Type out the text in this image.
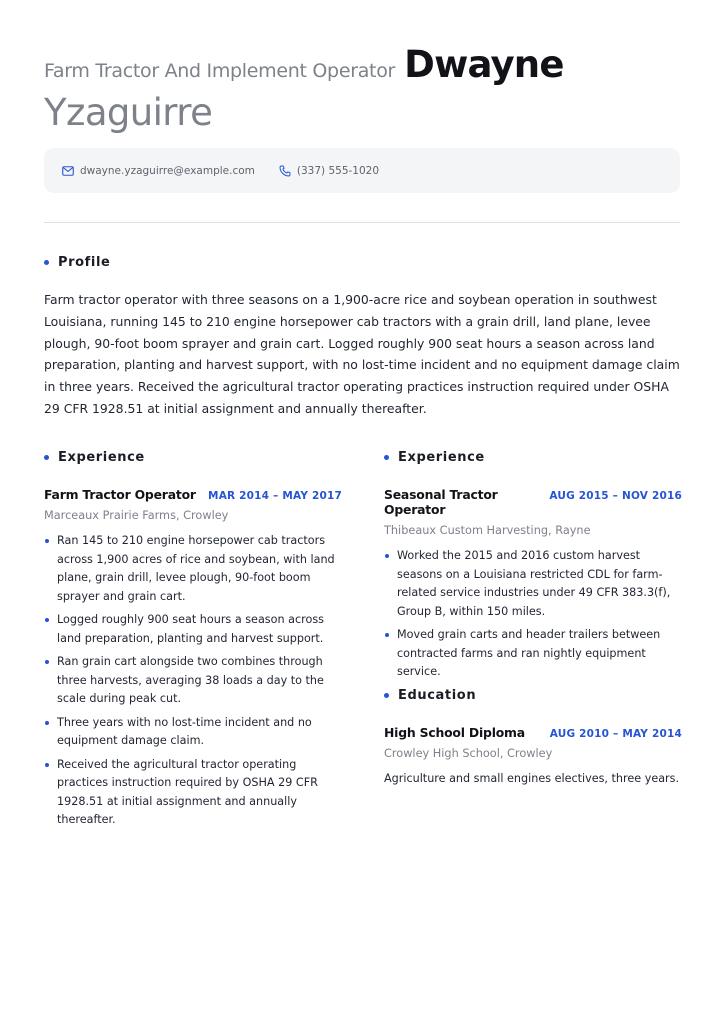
Farm Tractor And Implement Operator Dwayne
Yzaguirre
dwayne.yzaguirre@example.com	(337) 555-1020
Profile

Farm tractor operator with three seasons on a 1,900-acre rice and soybean operation in southwest Louisiana, running 145 to 210 engine horsepower cab tractors with a grain drill, land plane, levee plough, 90-foot boom sprayer and grain cart. Logged roughly 900 seat hours a season across land preparation, planting and harvest support, with no lost-time incident and no equipment damage claim in three years. Received the agricultural tractor operating practices instruction required under OSHA 29 CFR 1928.51 at initial assignment and annually thereafter.

Experience
Farm Tractor Operator MAR 2014 – MAY 2017
Marceaux Prairie Farms, Crowley
Ran 145 to 210 engine horsepower cab tractors across 1,900 acres of rice and soybean, with land plane, grain drill, levee plough, 90-foot boom sprayer and grain cart.
Logged roughly 900 seat hours a season across land preparation, planting and harvest support.
Ran grain cart alongside two combines through three harvests, averaging 38 loads a day to the scale during peak cut.
Three years with no lost-time incident and no equipment damage claim.
Received the agricultural tractor operating practices instruction required by OSHA 29 CFR 1928.51 at initial assignment and annually thereafter.
Experience
Seasonal Tractor Operator
AUG 2015 – NOV 2016
Thibeaux Custom Harvesting, Rayne
Worked the 2015 and 2016 custom harvest seasons on a Louisiana restricted CDL for farm-related service industries under 49 CFR 383.3(f), Group B, within 150 miles.
Moved grain carts and header trailers between contracted farms and ran nightly equipment service.
Education
High School Diploma AUG 2010 – MAY 2014
Crowley High School, Crowley

Agriculture and small engines electives, three years.
